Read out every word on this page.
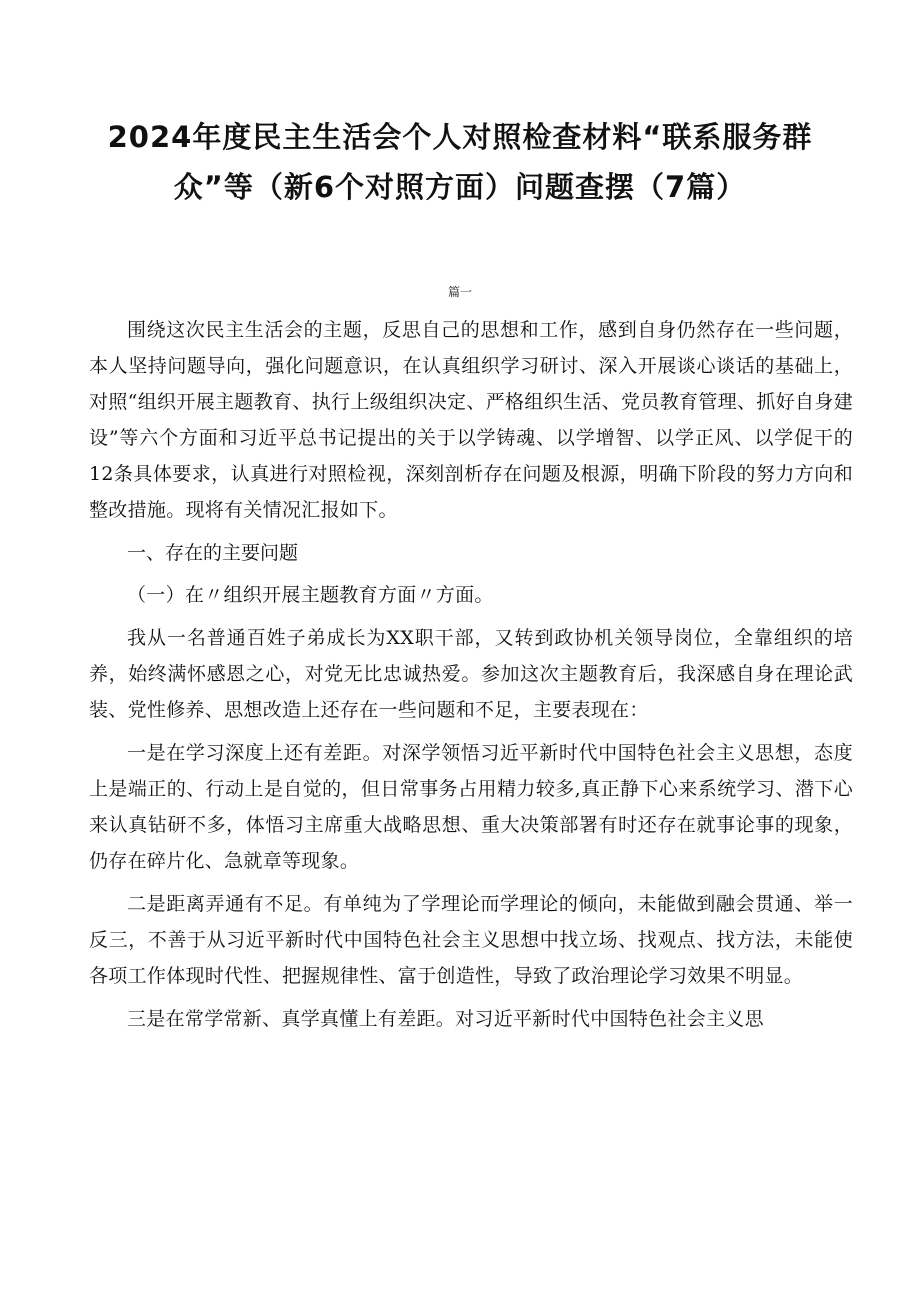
2024年度民主生活会个人对照检查材料“联系服务群众”等（新6个对照方面）问题查摆（7篇）
篇一

围绕这次民主生活会的主题，反思自己的思想和工作，感到自身仍然存在一些问题，本人坚持问题导向，强化问题意识，在认真组织学习研讨、深入开展谈心谈话的基础上，对照“组织开展主题教育、执行上级组织决定、严格组织生活、党员教育管理、抓好自身建设”等六个方面和习近平总书记提出的关于以学铸魂、以学增智、以学正风、以学促干的12条具体要求，认真进行对照检视，深刻剖析存在问题及根源，明确下阶段的努力方向和整改措施。现将有关情况汇报如下。

一、存在的主要问题

（一）在〃组织开展主题教育方面〃方面。

我从一名普通百姓子弟成长为XX职干部，又转到政协机关领导岗位，全靠组织的培养，始终满怀感恩之心，对党无比忠诚热爱。参加这次主题教育后，我深感自身在理论武装、党性修养、思想改造上还存在一些问题和不足，主要表现在：

一是在学习深度上还有差距。对深学领悟习近平新时代中国特色社会主义思想，态度上是端正的、行动上是自觉的，但日常事务占用精力较多,真正静下心来系统学习、潜下心来认真钻研不多，体悟习主席重大战略思想、重大决策部署有时还存在就事论事的现象，仍存在碎片化、急就章等现象。

二是距离弄通有不足。有单纯为了学理论而学理论的倾向，未能做到融会贯通、举一反三，不善于从习近平新时代中国特色社会主义思想中找立场、找观点、找方法，未能使各项工作体现时代性、把握规律性、富于创造性，导致了政治理论学习效果不明显。

三是在常学常新、真学真懂上有差距。对习近平新时代中国特色社会主义思
